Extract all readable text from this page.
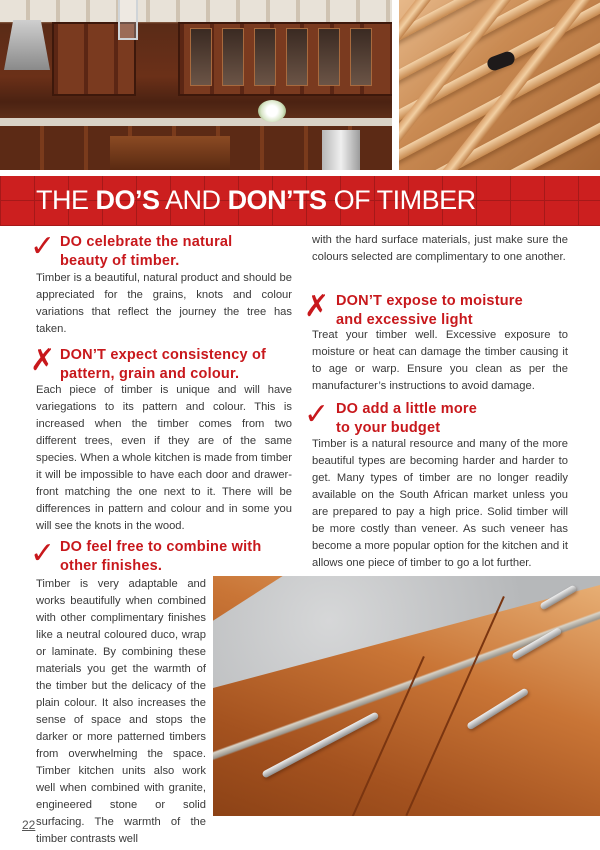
THE DO’S AND DON’TS OF TIMBER
✓ DO celebrate the natural
beauty of timber.

Timber is a beautiful, natural product and should be appreciated for the grains, knots and colour variations that reflect the journey the tree has taken.

✗ DON’T expect consistency of
pattern, grain and colour.

Each piece of timber is unique and will have variegations to its pattern and colour. This is increased when the timber comes from two different trees, even if they are of the same species. When a whole kitchen is made from timber it will be impossible to have each door and drawer-front matching the one next to it. There will be differences in pattern and colour and in some you will see the knots in the wood.

✓ DO feel free to combine with
other finishes.

Timber is very adaptable and works beautifully when combined with other complimentary finishes like a neutral coloured duco, wrap or laminate. By combining these materials you get the warmth of the timber but the delicacy of the plain colour. It also increases the sense of space and stops the darker or more patterned timbers from overwhelming the space. Timber kitchen units also work well when combined with granite, engineered stone or solid surfacing. The warmth of the timber contrasts well

with the hard surface materials, just make sure the colours selected are complimentary to one another.

✗ DON’T expose to moisture
and excessive light

Treat your timber well. Excessive exposure to moisture or heat can damage the timber causing it to age or warp. Ensure you clean as per the manufacturer’s instructions to avoid damage.

✓ DO add a little more
to your budget

Timber is a natural resource and many of the more beautiful types are becoming harder and harder to get. Many types of timber are no longer readily available on the South African market unless you are prepared to pay a high price. Solid timber will be more costly than veneer. As such veneer has become a more popular option for the kitchen and it allows one piece of timber to go a lot further.

22
